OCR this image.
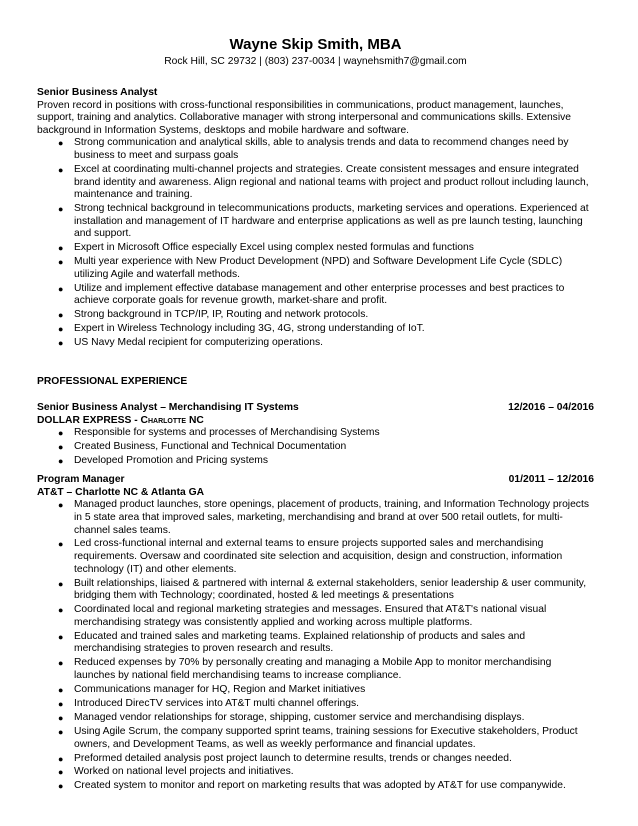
Wayne Skip Smith, MBA
Rock Hill, SC 29732 | (803) 237-0034 | waynehsmith7@gmail.com
Senior Business Analyst

Proven record in positions with cross-functional responsibilities in communications, product management, launches, support, training and analytics. Collaborative manager with strong interpersonal and communications skills. Extensive background in Information Systems, desktops and mobile hardware and software.

● Strong communication and analytical skills, able to analysis trends and data to recommend changes need by business to meet and surpass goals
● Excel at coordinating multi-channel projects and strategies. Create consistent messages and ensure integrated brand identity and awareness. Align regional and national teams with project and product rollout including launch, maintenance and training.
● Strong technical background in telecommunications products, marketing services and operations. Experienced at installation and management of IT hardware and enterprise applications as well as pre launch testing, launching and support.
● Expert in Microsoft Office especially Excel using complex nested formulas and functions
● Multi year experience with New Product Development (NPD) and Software Development Life Cycle (SDLC) utilizing Agile and waterfall methods.
● Utilize and implement effective database management and other enterprise processes and best practices to achieve corporate goals for revenue growth, market-share and profit.
● Strong background in TCP/IP, IP, Routing and network protocols.
● Expert in Wireless Technology including 3G, 4G, strong understanding of IoT.
● US Navy Medal recipient for computerizing operations.
PROFESSIONAL EXPERIENCE
Senior Business Analyst – Merchandising IT Systems	12/2016 – 04/2016
DOLLAR EXPRESS - Charlotte NC
● Responsible for systems and processes of Merchandising Systems
● Created Business, Functional and Technical Documentation
● Developed Promotion and Pricing systems
Program Manager	01/2011 – 12/2016
AT&T – Charlotte NC & Atlanta GA
● Managed product launches, store openings, placement of products, training, and Information Technology projects in 5 state area that improved sales, marketing, merchandising and brand at over 500 retail outlets, for multi-channel sales teams.
● Led cross-functional internal and external teams to ensure projects supported sales and merchandising requirements. Oversaw and coordinated site selection and acquisition, design and construction, information technology (IT) and other elements.
● Built relationships, liaised & partnered with internal & external stakeholders, senior leadership & user community, bridging them with Technology; coordinated, hosted & led meetings & presentations
● Coordinated local and regional marketing strategies and messages. Ensured that AT&T's national visual merchandising strategy was consistently applied and working across multiple platforms.
● Educated and trained sales and marketing teams. Explained relationship of products and sales and merchandising strategies to proven research and results.
● Reduced expenses by 70% by personally creating and managing a Mobile App to monitor merchandising launches by national field merchandising teams to increase compliance.
● Communications manager for HQ, Region and Market initiatives
● Introduced DirecTV services into AT&T multi channel offerings.
● Managed vendor relationships for storage, shipping, customer service and merchandising displays.
● Using Agile Scrum, the company supported sprint teams, training sessions for Executive stakeholders, Product owners, and Development Teams, as well as weekly performance and financial updates.
● Preformed detailed analysis post project launch to determine results, trends or changes needed.
● Worked on national level projects and initiatives.
● Created system to monitor and report on marketing results that was adopted by AT&T for use companywide.
